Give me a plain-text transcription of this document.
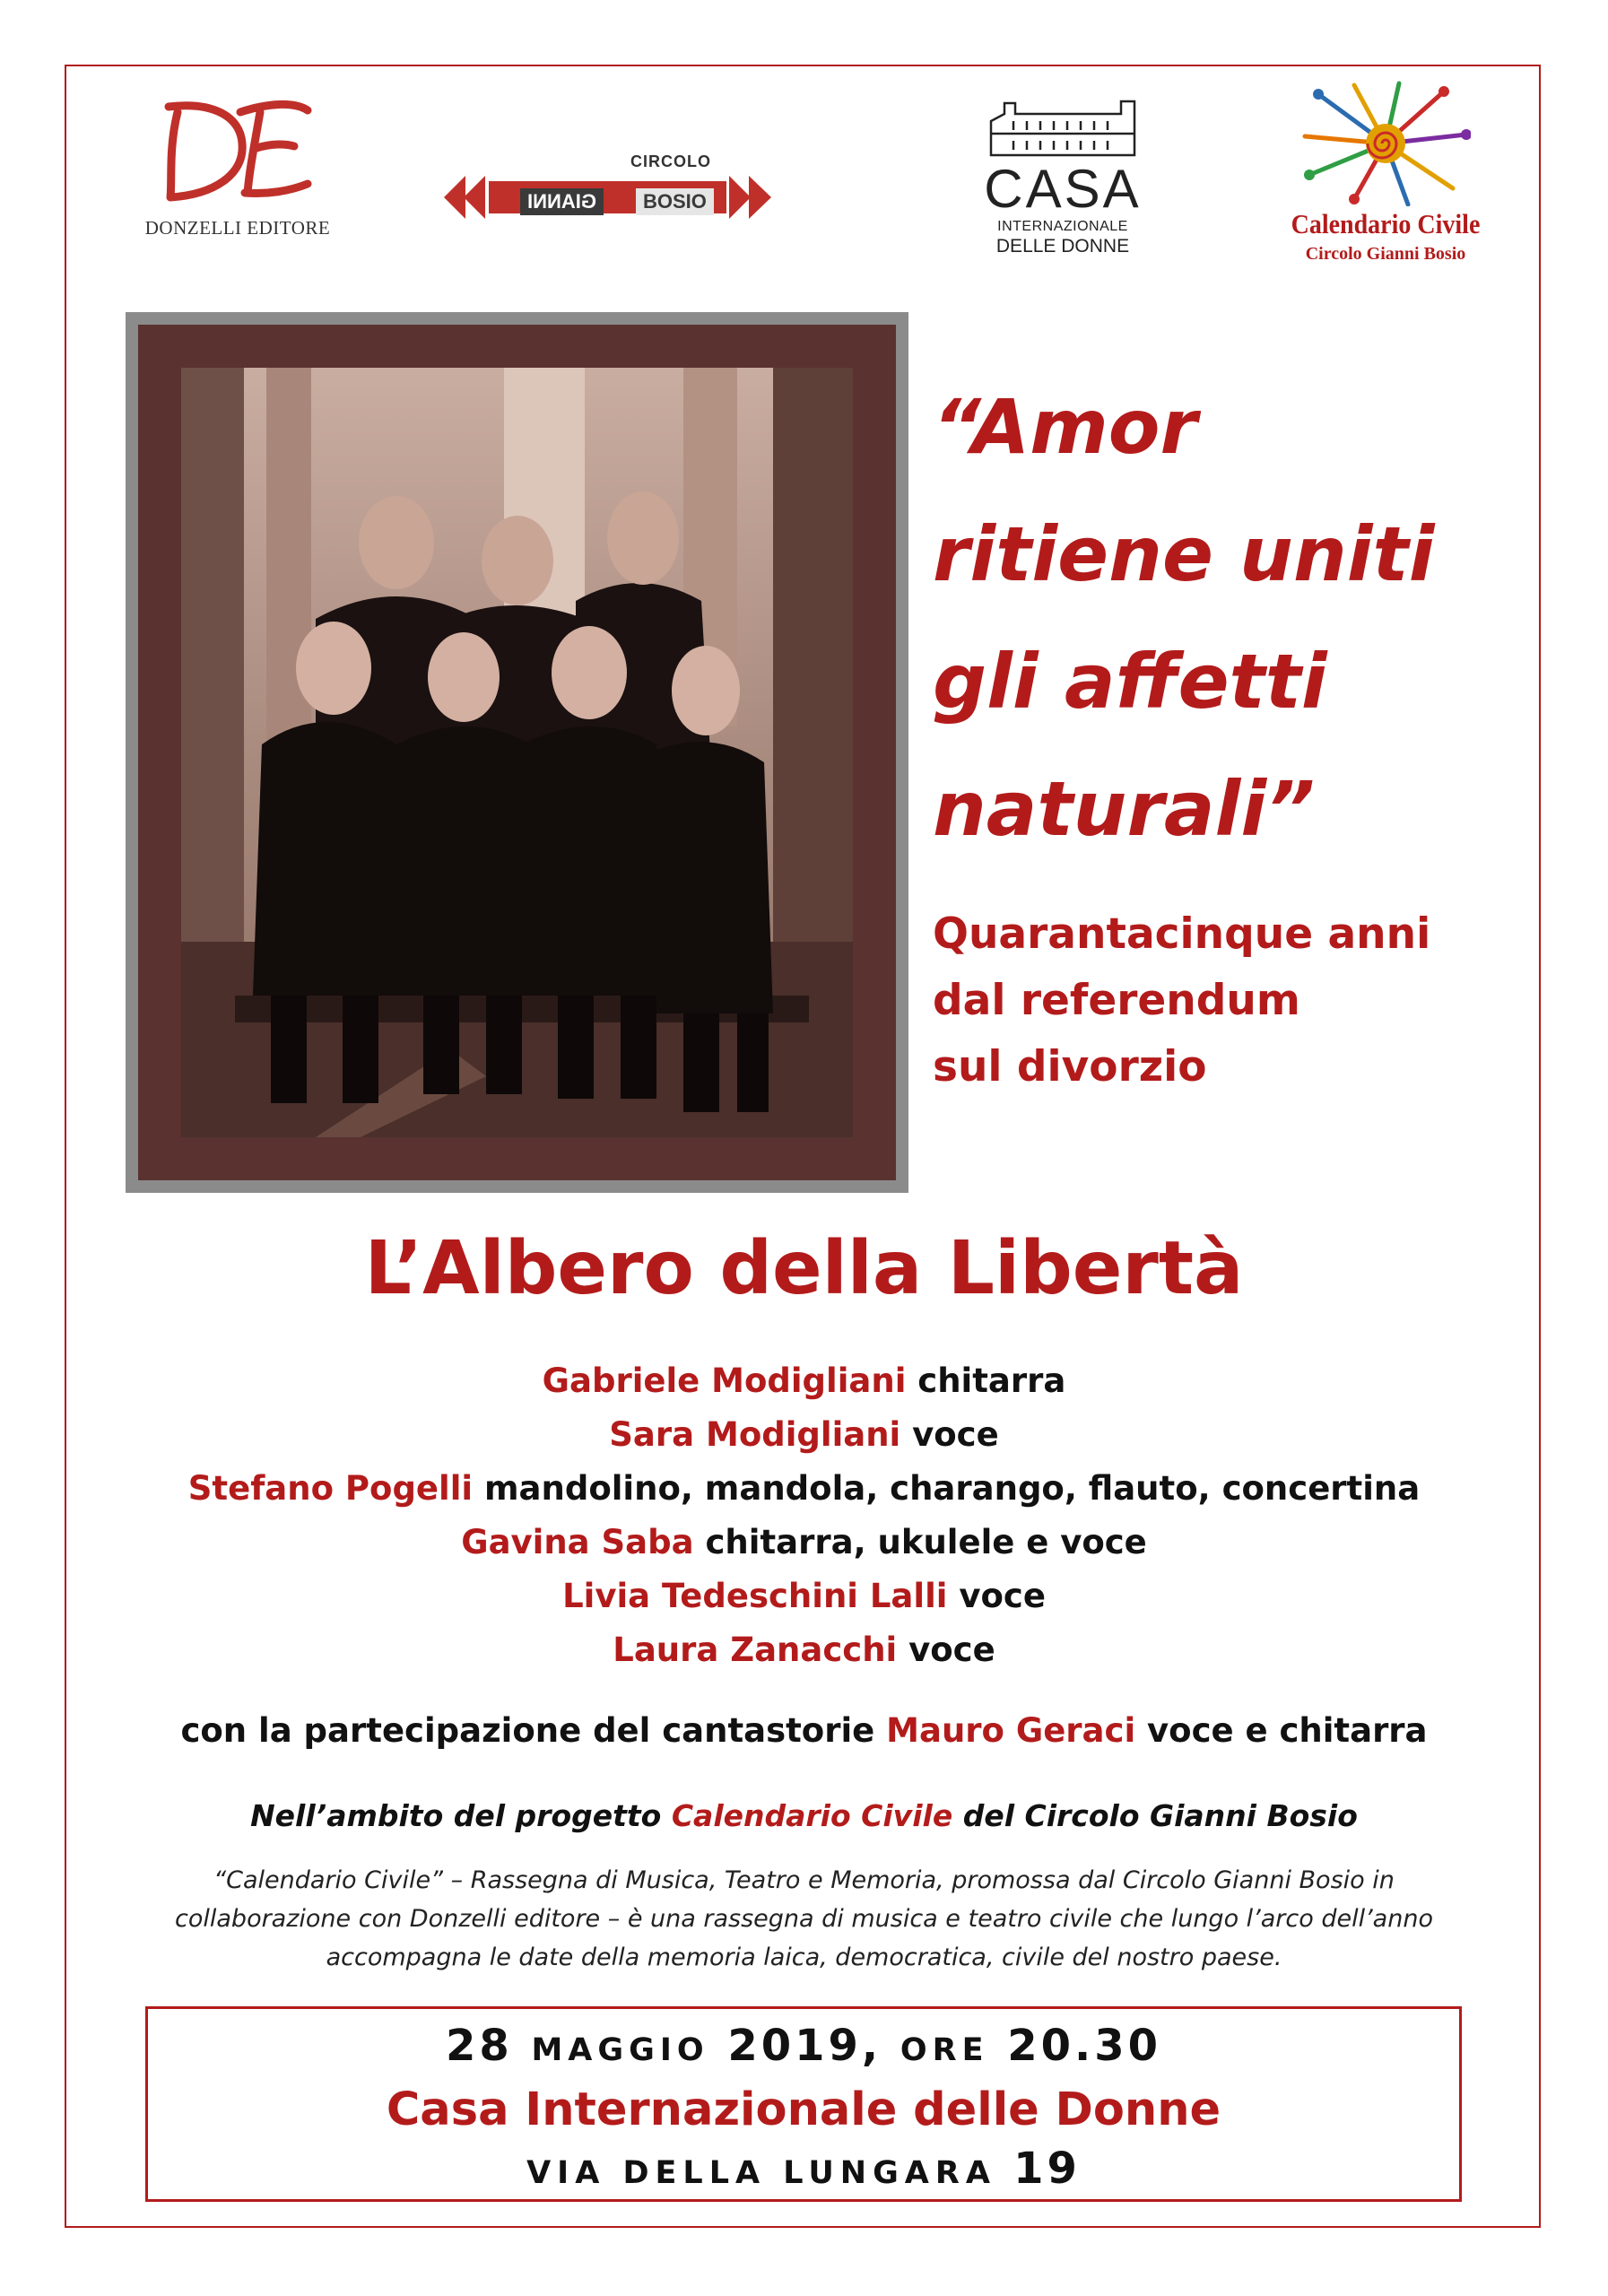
DONZELLI EDITORE
CIRCOLO
GIANNI	BOSIO	CASA
INTERNAZIONALE
DELLE DONNE
Calendario Civile
Circolo Gianni Bosio
“Amor
ritiene uniti
gli affetti
naturali”
Quarantacinque anni
dal referendum
sul divorzio
L’Albero della Libertà
Gabriele Modigliani chitarra
Sara Modigliani voce
Stefano Pogelli mandolino, mandola, charango, flauto, concertina
Gavina Saba chitarra, ukulele e voce
Livia Tedeschini Lalli voce
Laura Zanacchi voce

con la partecipazione del cantastorie Mauro Geraci voce e chitarra

Nell’ambito del progetto Calendario Civile del Circolo Gianni Bosio

“Calendario Civile” – Rassegna di Musica, Teatro e Memoria, promossa dal Circolo Gianni Bosio in collaborazione con Donzelli editore – è una rassegna di musica e teatro civile che lungo l’arco dell’anno accompagna le date della memoria laica, democratica, civile del nostro paese.

28 MAGGIO 2019, ORE 20.30

Casa Internazionale delle Donne

VIA DELLA LUNGARA 19
